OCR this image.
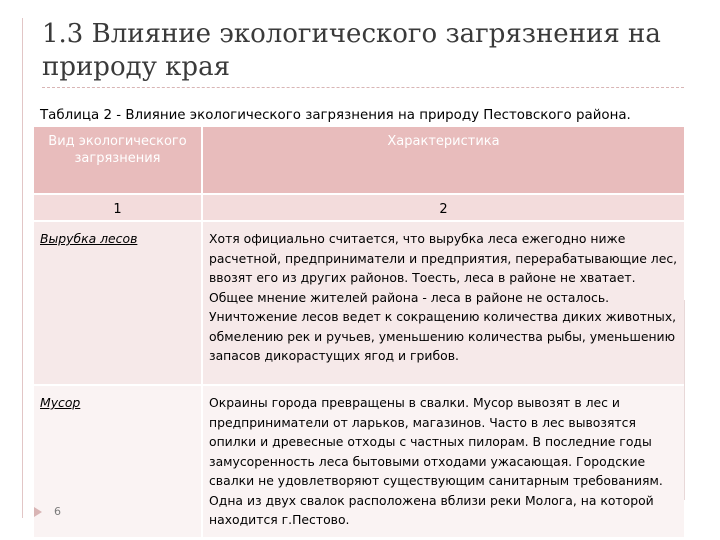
1.3 Влияние экологического загрязнения на
природу края
Таблица 2 - Влияние экологического загрязнения на природу Пестовского района.
Вид экологического загрязнения	Характеристика
1	2
Вырубка лесов	Хотя официально считается, что вырубка леса ежегодно ниже расчетной, предприниматели и предприятия, перерабатывающие лес, ввозят его из других районов. Тоесть, леса в районе не хватает. Общее мнение жителей района - леса в районе не осталось. Уничтожение лесов ведет к сокращению количества диких животных, обмелению рек и ручьев, уменьшению количества рыбы, уменьшению запасов дикорастущих ягод и грибов.
Мусор	Окраины города превращены в свалки. Мусор вывозят в лес и предприниматели от ларьков, магазинов. Часто в лес вывозятся опилки и древесные отходы с частных пилорам. В последние годы замусоренность леса бытовыми отходами ужасающая. Городские свалки не удовлетворяют существующим санитарным требованиям. Одна из двух свалок расположена вблизи реки Молога, на которой находится г.Пестово.
6
